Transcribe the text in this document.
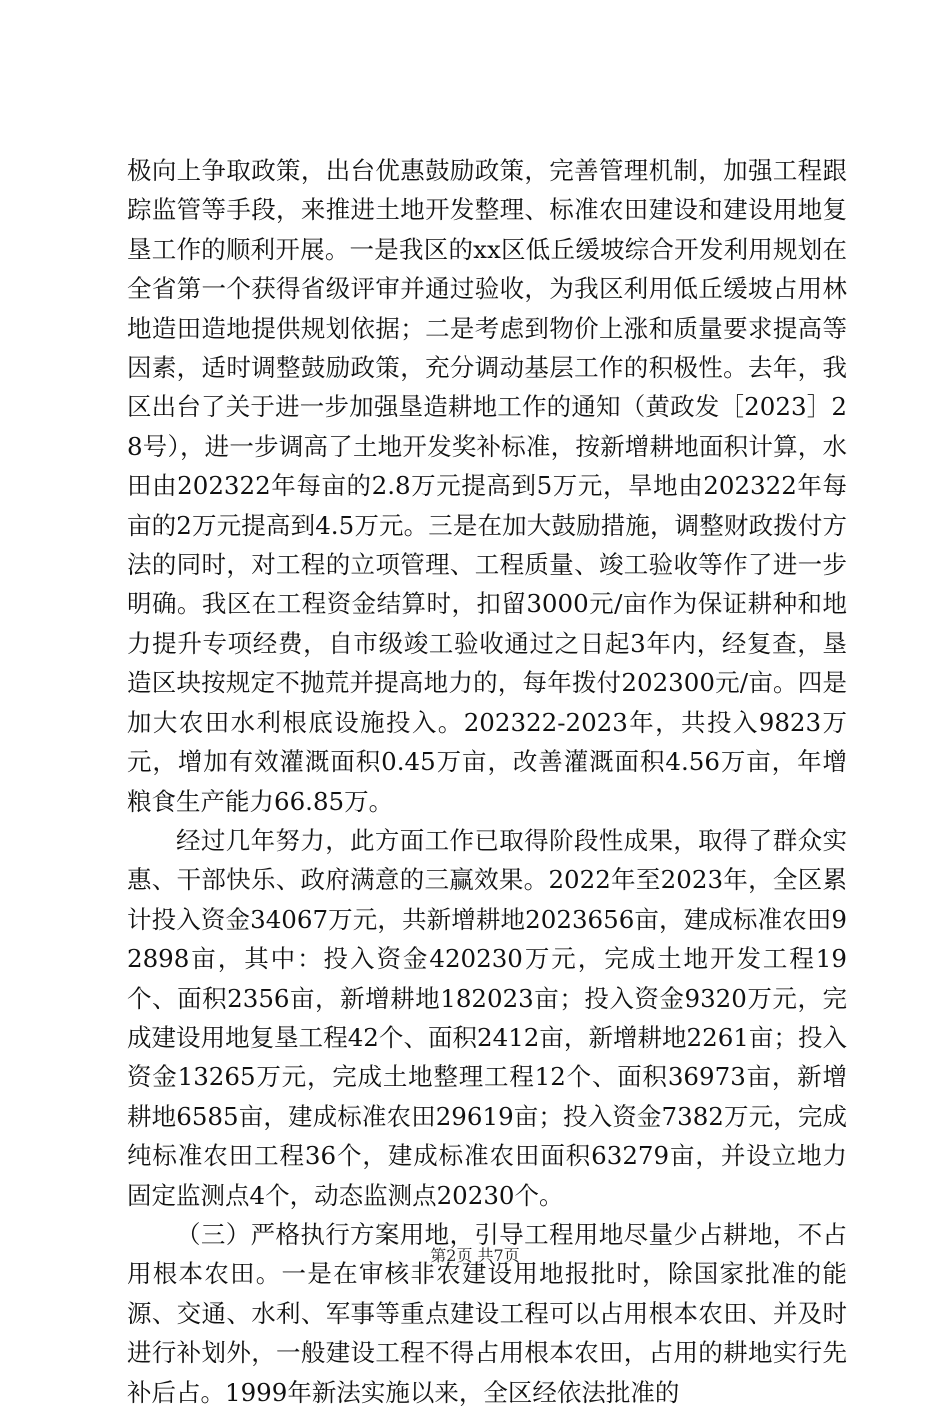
极向上争取政策，出台优惠鼓励政策，完善管理机制，加强工程跟踪监管等手段，来推进土地开发整理、标准农田建设和建设用地复垦工作的顺利开展。一是我区的xx区低丘缓坡综合开发利用规划在全省第一个获得省级评审并通过验收，为我区利用低丘缓坡占用林地造田造地提供规划依据；二是考虑到物价上涨和质量要求提高等因素，适时调整鼓励政策，充分调动基层工作的积极性。去年，我区出台了关于进一步加强垦造耕地工作的通知（黄政发［2023］28号），进一步调高了土地开发奖补标准，按新增耕地面积计算，水田由202322年每亩的2.8万元提高到5万元，旱地由202322年每亩的2万元提高到4.5万元。三是在加大鼓励措施，调整财政拨付方法的同时，对工程的立项管理、工程质量、竣工验收等作了进一步明确。我区在工程资金结算时，扣留3000元/亩作为保证耕种和地力提升专项经费，自市级竣工验收通过之日起3年内，经复查，垦造区块按规定不抛荒并提高地力的，每年拨付202300元/亩。四是加大农田水利根底设施投入。202322-2023年，共投入9823万元，增加有效灌溉面积0.45万亩，改善灌溉面积4.56万亩，年增粮食生产能力66.85万。

经过几年努力，此方面工作已取得阶段性成果，取得了群众实惠、干部快乐、政府满意的三赢效果。2022年至2023年，全区累计投入资金34067万元，共新增耕地2023656亩，建成标准农田92898亩，其中：投入资金420230万元，完成土地开发工程19个、面积2356亩，新增耕地182023亩；投入资金9320万元，完成建设用地复垦工程42个、面积2412亩，新增耕地2261亩；投入资金13265万元，完成土地整理工程12个、面积36973亩，新增耕地6585亩，建成标准农田29619亩；投入资金7382万元，完成纯标准农田工程36个，建成标准农田面积63279亩，并设立地力固定监测点4个，动态监测点20230个。

（三）严格执行方案用地，引导工程用地尽量少占耕地，不占用根本农田。一是在审核非农建设用地报批时，除国家批准的能源、交通、水利、军事等重点建设工程可以占用根本农田、并及时进行补划外，一般建设工程不得占用根本农田，占用的耕地实行先补后占。1999年新法实施以来，全区经依法批准的

第2页 共7页
